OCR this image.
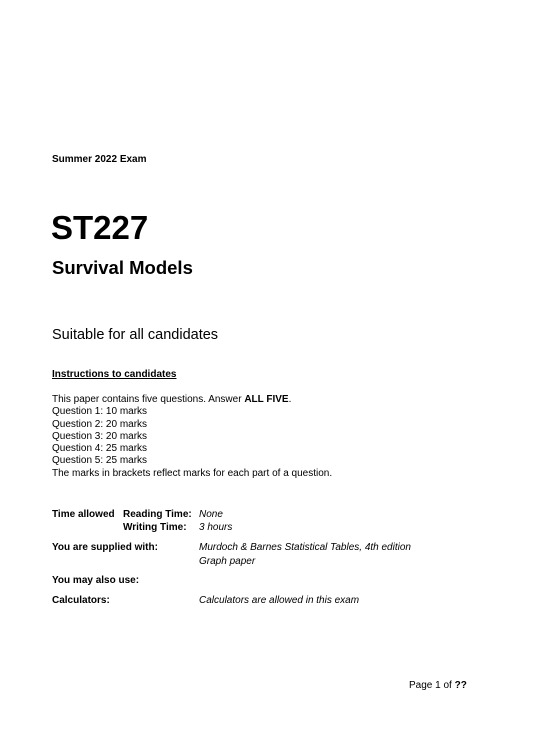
Summer 2022 Exam
ST227
Survival Models
Suitable for all candidates
Instructions to candidates
This paper contains five questions. Answer ALL FIVE.
Question 1: 10 marks
Question 2: 20 marks
Question 3: 20 marks
Question 4: 25 marks
Question 5: 25 marks
The marks in brackets reflect marks for each part of a question.
Time allowed Reading Time: None
Writing Time: 3 hours
You are supplied with:	Murdoch & Barnes Statistical Tables, 4th edition
Graph paper
You may also use:
Calculators:	Calculators are allowed in this exam
Page 1 of ??
